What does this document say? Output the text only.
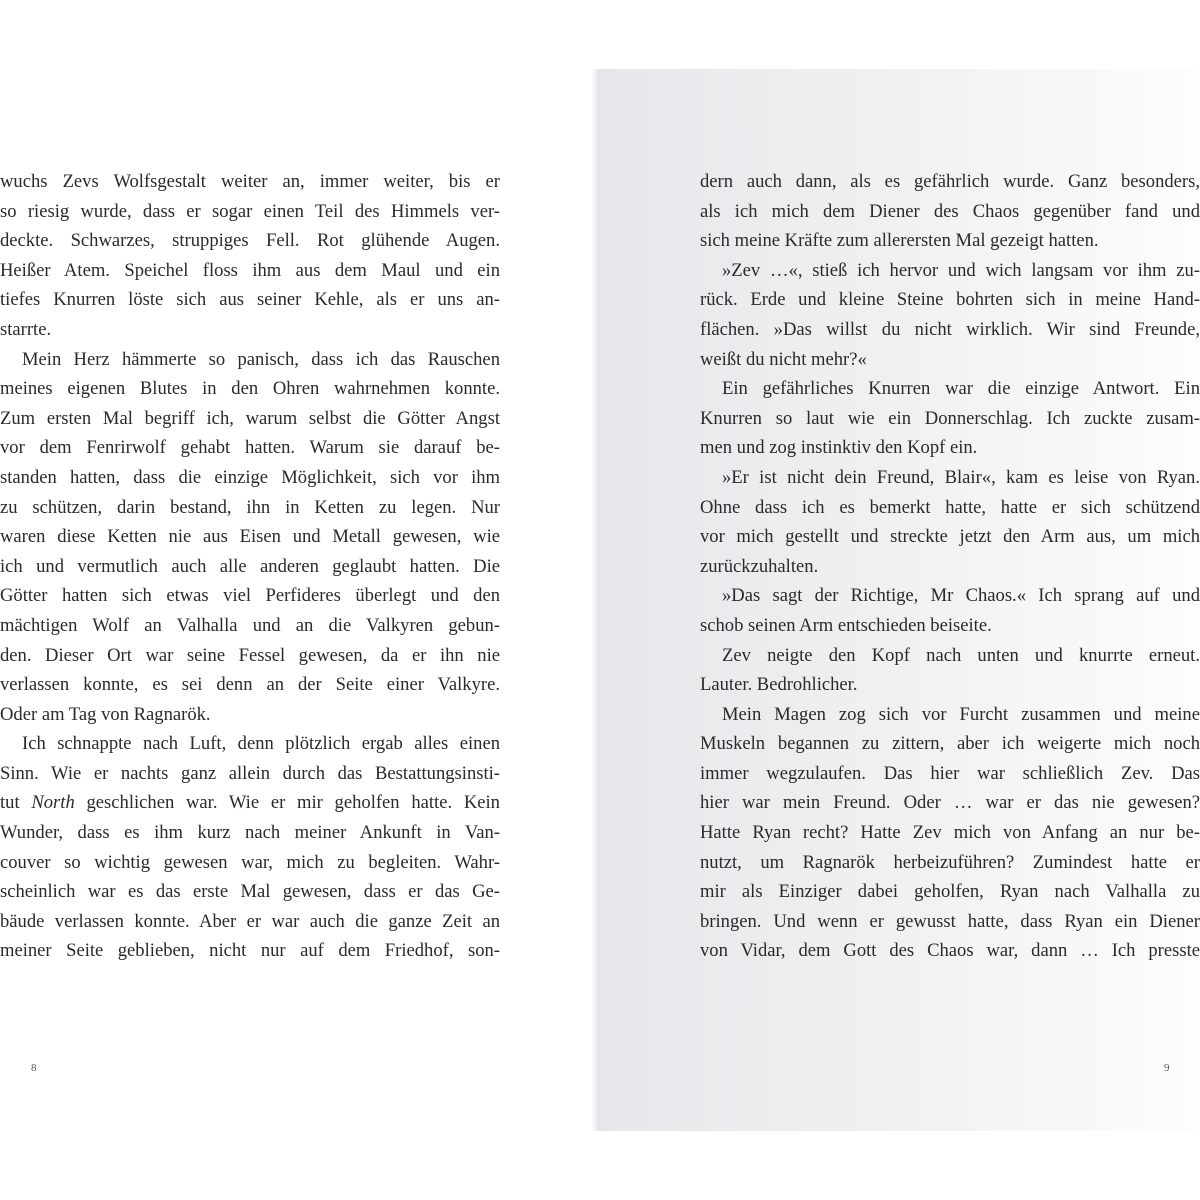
wuchs Zevs Wolfsgestalt weiter an, immer weiter, bis er
so riesig wurde, dass er sogar einen Teil des Himmels ver-
deckte. Schwarzes, struppiges Fell. Rot glühende Augen.
Heißer Atem. Speichel floss ihm aus dem Maul und ein
tiefes Knurren löste sich aus seiner Kehle, als er uns an-
starrte.
Mein Herz hämmerte so panisch, dass ich das Rauschen
meines eigenen Blutes in den Ohren wahrnehmen konnte.
Zum ersten Mal begriff ich, warum selbst die Götter Angst
vor dem Fenrirwolf gehabt hatten. Warum sie darauf be-
standen hatten, dass die einzige Möglichkeit, sich vor ihm
zu schützen, darin bestand, ihn in Ketten zu legen. Nur
waren diese Ketten nie aus Eisen und Metall gewesen, wie
ich und vermutlich auch alle anderen geglaubt hatten. Die
Götter hatten sich etwas viel Perfideres überlegt und den
mächtigen Wolf an Valhalla und an die Valkyren gebun-
den. Dieser Ort war seine Fessel gewesen, da er ihn nie
verlassen konnte, es sei denn an der Seite einer Valkyre.
Oder am Tag von Ragnarök.
Ich schnappte nach Luft, denn plötzlich ergab alles einen
Sinn. Wie er nachts ganz allein durch das Bestattungsinsti-
tut North geschlichen war. Wie er mir geholfen hatte. Kein
Wunder, dass es ihm kurz nach meiner Ankunft in Van-
couver so wichtig gewesen war, mich zu begleiten. Wahr-
scheinlich war es das erste Mal gewesen, dass er das Ge-
bäude verlassen konnte. Aber er war auch die ganze Zeit an
meiner Seite geblieben, nicht nur auf dem Friedhof, son-
dern auch dann, als es gefährlich wurde. Ganz besonders,
als ich mich dem Diener des Chaos gegenüber fand und
sich meine Kräfte zum allerersten Mal gezeigt hatten.
»Zev …«, stieß ich hervor und wich langsam vor ihm zu-
rück. Erde und kleine Steine bohrten sich in meine Hand-
flächen. »Das willst du nicht wirklich. Wir sind Freunde,
weißt du nicht mehr?«
Ein gefährliches Knurren war die einzige Antwort. Ein
Knurren so laut wie ein Donnerschlag. Ich zuckte zusam-
men und zog instinktiv den Kopf ein.
»Er ist nicht dein Freund, Blair«, kam es leise von Ryan.
Ohne dass ich es bemerkt hatte, hatte er sich schützend
vor mich gestellt und streckte jetzt den Arm aus, um mich
zurückzuhalten.
»Das sagt der Richtige, Mr Chaos.« Ich sprang auf und
schob seinen Arm entschieden beiseite.
Zev neigte den Kopf nach unten und knurrte erneut.
Lauter. Bedrohlicher.
Mein Magen zog sich vor Furcht zusammen und meine
Muskeln begannen zu zittern, aber ich weigerte mich noch
immer wegzulaufen. Das hier war schließlich Zev. Das
hier war mein Freund. Oder … war er das nie gewesen?
Hatte Ryan recht? Hatte Zev mich von Anfang an nur be-
nutzt, um Ragnarök herbeizuführen? Zumindest hatte er
mir als Einziger dabei geholfen, Ryan nach Valhalla zu
bringen. Und wenn er gewusst hatte, dass Ryan ein Diener
von Vidar, dem Gott des Chaos war, dann … Ich presste
8	9
